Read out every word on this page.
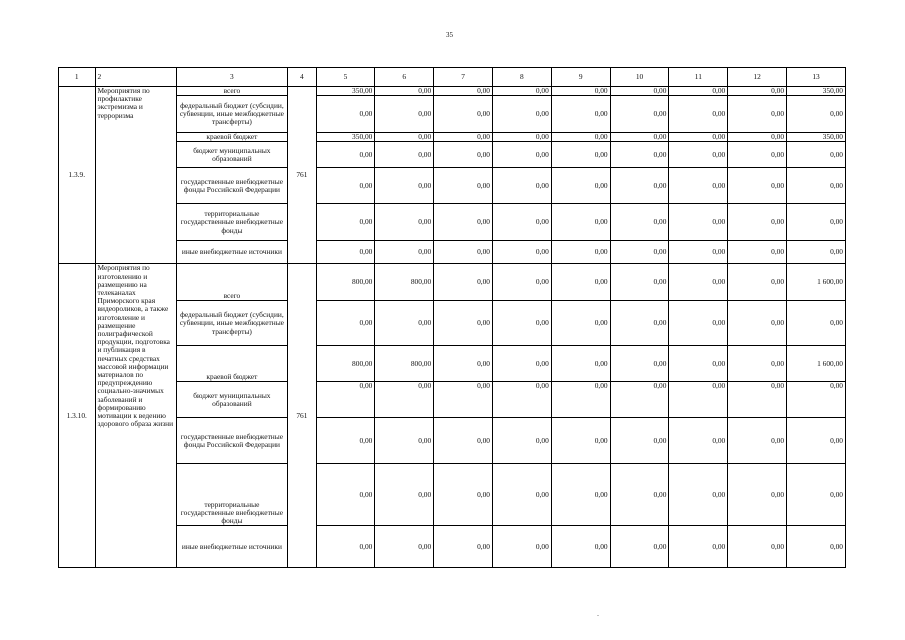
35
1	2	3	4	5	6	7	8	9	10	11	12	13
1.3.9.	Мероприятия по профилактике экстремизма и терроризма	всего	761	350,00	0,00	0,00	0,00	0,00	0,00	0,00	0,00	350,00
		федеральный бюджет (субсидии, субвенции, иные межбюджетные трансферты)		0,00	0,00	0,00	0,00	0,00	0,00	0,00	0,00	0,00
		краевой бюджет		350,00	0,00	0,00	0,00	0,00	0,00	0,00	0,00	350,00
		бюджет муниципальных образований		0,00	0,00	0,00	0,00	0,00	0,00	0,00	0,00	0,00
		государственные внебюджетные фонды Российской Федерации		0,00	0,00	0,00	0,00	0,00	0,00	0,00	0,00	0,00
		территориальные государственные внебюджетные фонды		0,00	0,00	0,00	0,00	0,00	0,00	0,00	0,00	0,00
		иные внебюджетные источники		0,00	0,00	0,00	0,00	0,00	0,00	0,00	0,00	0,00
1.3.10.	Мероприятия по изготовлению и размещению на телеканалах Приморского края видеороликов, а также изготовление и размещение полиграфической продукции, подготовка и публикация в печатных средствах массовой информации материалов по предупреждению социально-значимых заболеваний и формированию мотивации к ведению здорового образа жизни	всего	761	800,00	800,00	0,00	0,00	0,00	0,00	0,00	0,00	1 600,00
		федеральный бюджет (субсидии, субвенции, иные межбюджетные трансферты)		0,00	0,00	0,00	0,00	0,00	0,00	0,00	0,00	0,00
		краевой бюджет		800,00	800,00	0,00	0,00	0,00	0,00	0,00	0,00	1 600,00
		бюджет муниципальных образований		0,00	0,00	0,00	0,00	0,00	0,00	0,00	0,00	0,00
		государственные внебюджетные фонды Российской Федерации		0,00	0,00	0,00	0,00	0,00	0,00	0,00	0,00	0,00
		территориальные государственные внебюджетные фонды		0,00	0,00	0,00	0,00	0,00	0,00	0,00	0,00	0,00
		иные внебюджетные источники		0,00	0,00	0,00	0,00	0,00	0,00	0,00	0,00	0,00
-
